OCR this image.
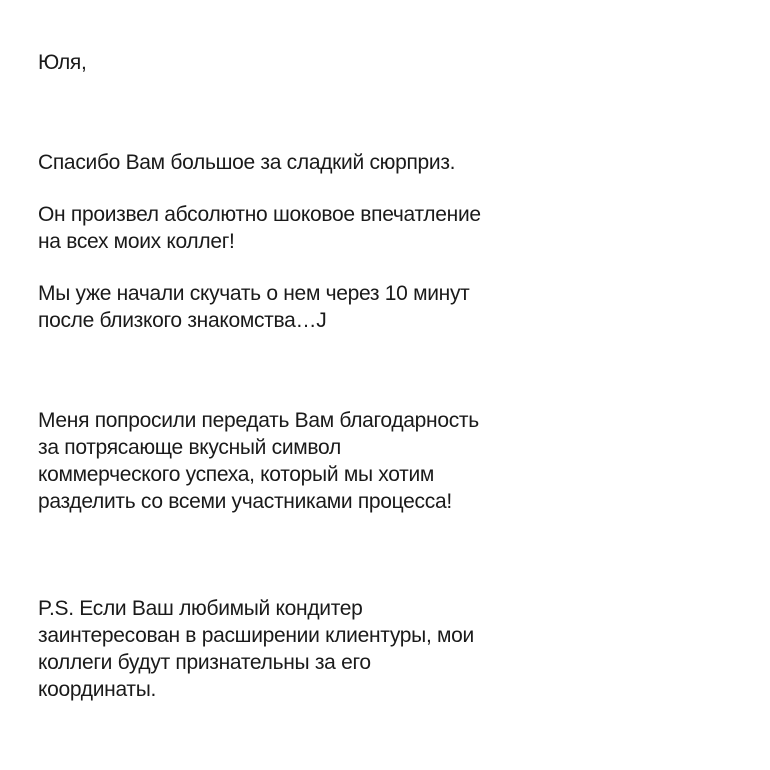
Юля,

Спасибо Вам большое за сладкий сюрприз.

Он произвел абсолютно шоковое впечатление
на всех моих коллег!

Мы уже начали скучать о нем через 10 минут
после близкого знакомства…J

Меня попросили передать Вам благодарность
за потрясающе вкусный символ
коммерческого успеха, который мы хотим
разделить со всеми участниками процесса!

P.S. Если Ваш любимый кондитер
заинтересован в расширении клиентуры, мои
коллеги будут признательны за его
координаты.
